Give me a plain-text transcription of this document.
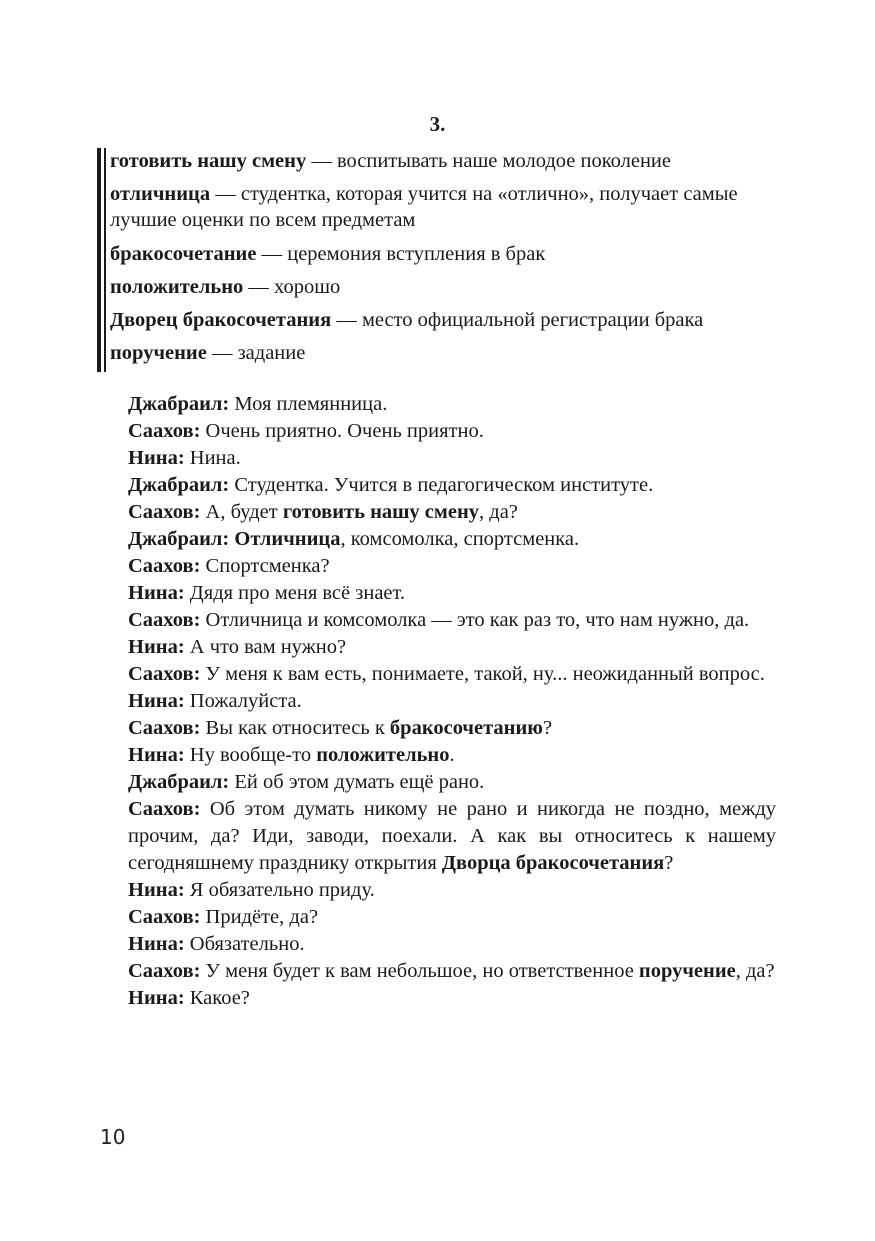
3.
готовить нашу смену — воспитывать наше молодое поколение
отличница — студентка, которая учится на «отлично», получает самые лучшие оценки по всем предметам
бракосочетание — церемония вступления в брак
положительно — хорошо
Дворец бракосочетания — место официальной регистрации брака
поручение — задание

Джабраил: Моя племянница.

Саахов: Очень приятно. Очень приятно.

Нина: Нина.

Джабраил: Студентка. Учится в педагогическом институте.

Саахов: А, будет готовить нашу смену, да?

Джабраил: Отличница, комсомолка, спортсменка.

Саахов: Спортсменка?

Нина: Дядя про меня всё знает.

Саахов: Отличница и комсомолка — это как раз то, что нам нужно, да.

Нина: А что вам нужно?

Саахов: У меня к вам есть, понимаете, такой, ну... неожиданный вопрос.

Нина: Пожалуйста.

Саахов: Вы как относитесь к бракосочетанию?

Нина: Ну вообще-то положительно.

Джабраил: Ей об этом думать ещё рано.

Саахов: Об этом думать никому не рано и никогда не поздно, между прочим, да? Иди, заводи, поехали. А как вы относитесь к нашему сегодняшнему празднику открытия Дворца бракосочетания?

Нина: Я обязательно приду.

Саахов: Придёте, да?

Нина: Обязательно.

Саахов: У меня будет к вам небольшое, но ответственное поручение, да?

Нина: Какое?

10
